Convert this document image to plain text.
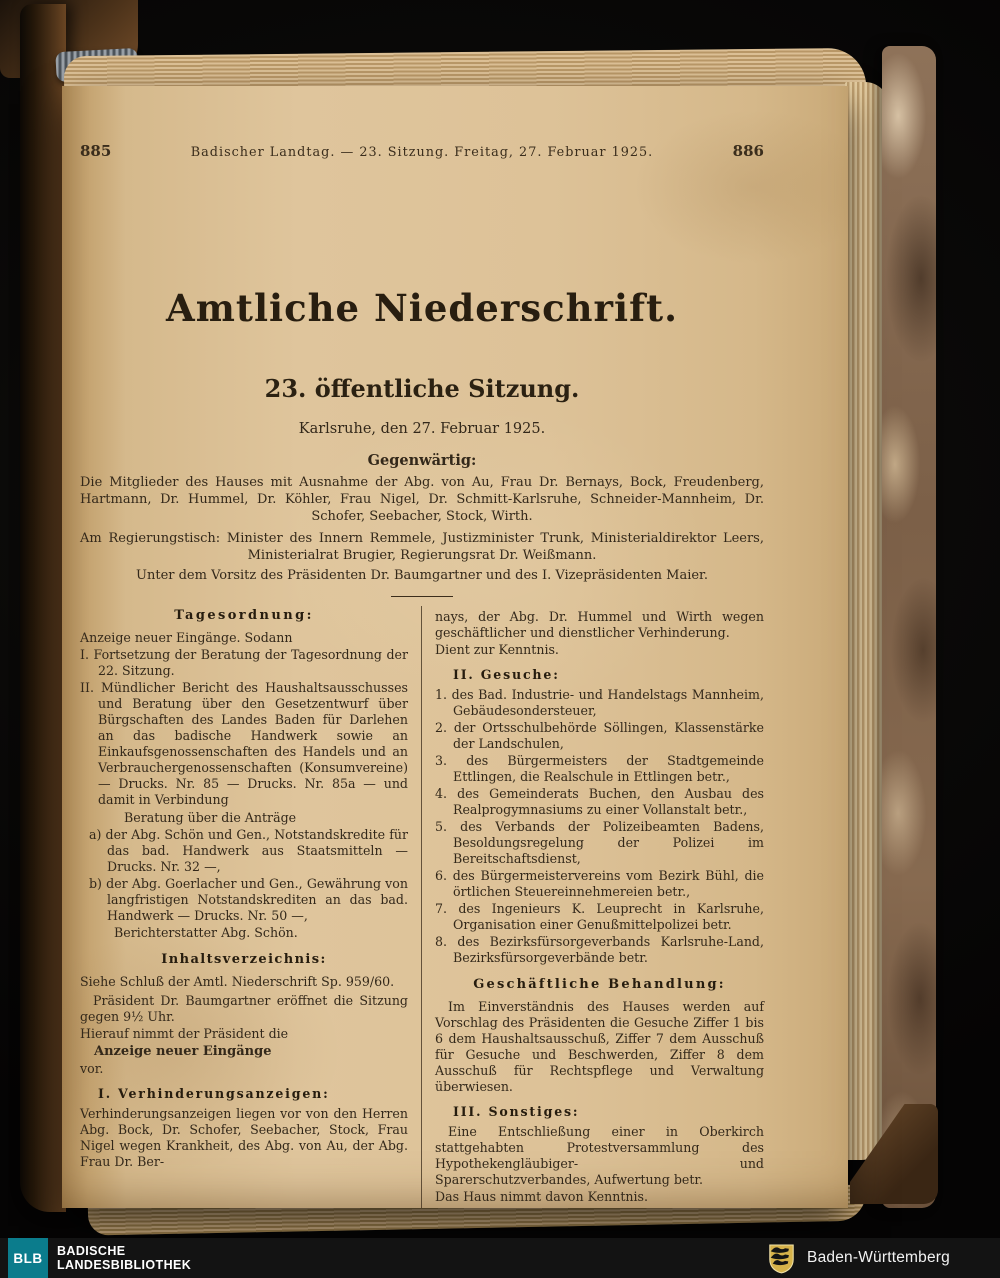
885	Badischer Landtag. — 23. Sitzung. Freitag, 27. Februar 1925.	886
Amtliche Niederschrift.
23. öffentliche Sitzung.
Karlsruhe, den 27. Februar 1925.
Gegenwärtig:

Die Mitglieder des Hauses mit Ausnahme der Abg. von Au, Frau Dr. Bernays, Bock, Freudenberg, Hartmann, Dr. Hummel, Dr. Köhler, Frau Nigel, Dr. Schmitt-Karlsruhe, Schneider-Mannheim, Dr. Schofer, Seebacher, Stock, Wirth.

Am Regierungstisch: Minister des Innern Remmele, Justizminister Trunk, Ministerialdirektor Leers, Ministerialrat Brugier, Regierungsrat Dr. Weißmann.

Unter dem Vorsitz des Präsidenten Dr. Baumgartner und des I. Vizepräsidenten Maier.

Tagesordnung:

Anzeige neuer Eingänge. Sodann

I. Fortsetzung der Beratung der Tagesordnung der 22. Sitzung.

II. Mündlicher Bericht des Haushaltsausschusses und Beratung über den Gesetzentwurf über Bürgschaften des Landes Baden für Darlehen an das badische Handwerk sowie an Einkaufsgenossenschaften des Handels und an Verbrauchergenossenschaften (Konsumvereine) — Drucks. Nr. 85 — Drucks. Nr. 85a — und damit in Verbindung

Beratung über die Anträge

a) der Abg. Schön und Gen., Notstandskredite für das bad. Handwerk aus Staatsmitteln — Drucks. Nr. 32 —,

b) der Abg. Goerlacher und Gen., Gewährung von langfristigen Notstandskrediten an das bad. Handwerk — Drucks. Nr. 50 —,

Berichterstatter Abg. Schön.

Inhaltsverzeichnis:

Siehe Schluß der Amtl. Niederschrift Sp. 959/60.

Präsident Dr. Baumgartner eröffnet die Sitzung gegen 9½ Uhr.

Hierauf nimmt der Präsident die

Anzeige neuer Eingänge

vor.

I. Verhinderungsanzeigen:

Verhinderungsanzeigen liegen vor von den Herren Abg. Bock, Dr. Schofer, Seebacher, Stock, Frau Nigel wegen Krankheit, des Abg. von Au, der Abg. Frau Dr. Ber-

nays, der Abg. Dr. Hummel und Wirth wegen geschäftlicher und dienstlicher Verhinderung.

Dient zur Kenntnis.

II. Gesuche:

1. des Bad. Industrie- und Handelstags Mannheim, Gebäudesondersteuer,

2. der Ortsschulbehörde Söllingen, Klassenstärke der Landschulen,

3. des Bürgermeisters der Stadtgemeinde Ettlingen, die Realschule in Ettlingen betr.,

4. des Gemeinderats Buchen, den Ausbau des Realprogymnasiums zu einer Vollanstalt betr.,

5. des Verbands der Polizeibeamten Badens, Besoldungsregelung der Polizei im Bereitschaftsdienst,

6. des Bürgermeistervereins vom Bezirk Bühl, die örtlichen Steuereinnehmereien betr.,

7. des Ingenieurs K. Leuprecht in Karlsruhe, Organisation einer Genußmittelpolizei betr.

8. des Bezirksfürsorgeverbands Karlsruhe-Land, Bezirksfürsorgeverbände betr.

Geschäftliche Behandlung:

Im Einverständnis des Hauses werden auf Vorschlag des Präsidenten die Gesuche Ziffer 1 bis 6 dem Haushaltsausschuß, Ziffer 7 dem Ausschuß für Gesuche und Beschwerden, Ziffer 8 dem Ausschuß für Rechtspflege und Verwaltung überwiesen.

III. Sonstiges:

Eine Entschließung einer in Oberkirch stattgehabten Protestversammlung des Hypothekengläubiger- und Sparerschutzverbandes, Aufwertung betr.

Das Haus nimmt davon Kenntnis.

BLB BADISCHE
LANDESBIBLIOTHEK	Baden-Württemberg
